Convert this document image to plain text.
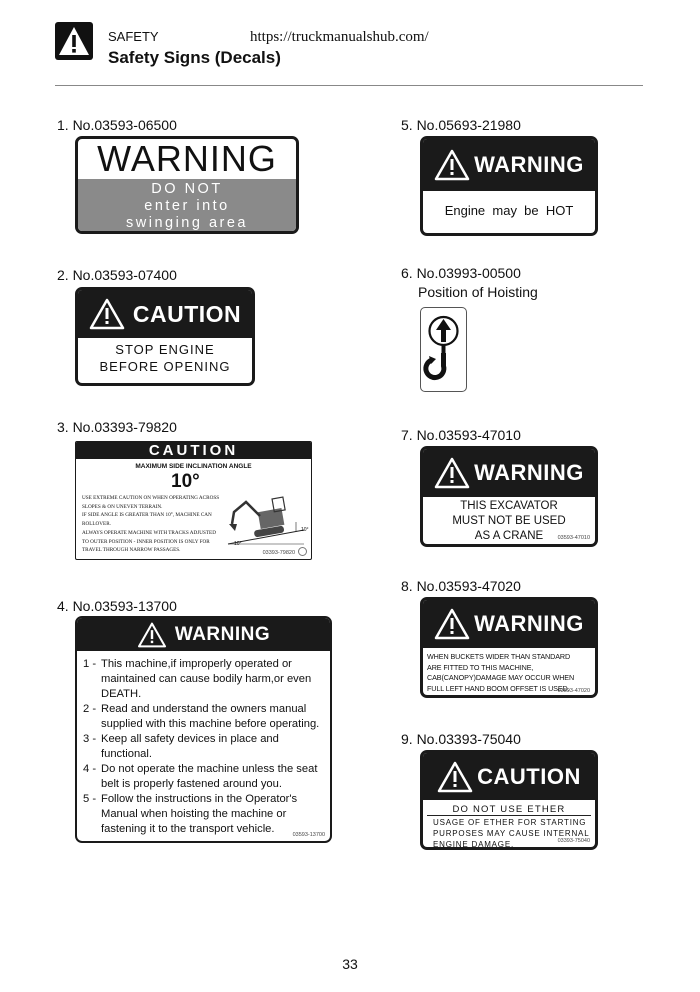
SAFETY	https://truckmanualshub.com/
Safety Signs (Decals)
1. No.03593-06500
WARNING
DO NOT
enter into
swinging area
2. No.03593-07400
CAUTION
STOP ENGINE
BEFORE OPENING
3. No.03393-79820
CAUTION
MAXIMUM SIDE INCLINATION ANGLE
10°
USE EXTREME CAUTION ON WHEN OPERATING ACROSS
SLOPES & ON UNEVEN TERRAIN.
IF SIDE ANGLE IS GREATER THAN 10°, MACHINE CAN
ROLLOVER.
ALWAYS OPERATE MACHINE WITH TRACKS ADJUSTED
TO OUTER POSITION - INNER POSITION IS ONLY FOR
TRAVEL THROUGH NARROW PASSAGES.
10°
10°
03393-79820
4. No.03593-13700
WARNING
1 - This machine,if improperly operated or maintained can cause bodily harm,or even DEATH.
2 - Read and understand the owners manual supplied with this machine before operating.
3 - Keep all safety devices in place and functional.
4 - Do not operate the machine unless the seat belt is properly fastened around you.
5 - Follow the instructions in the Operator's Manual when hoisting the machine or fastening it to the transport vehicle.	03593-13700
5. No.05693-21980
WARNING
Engine  may  be  HOT
6. No.03993-00500
Position of Hoisting
7. No.03593-47010
WARNING
THIS EXCAVATOR
MUST NOT BE USED
AS A CRANE	03593-47010
8. No.03593-47020
WARNING
WHEN BUCKETS WIDER THAN STANDARD
ARE FITTED TO THIS MACHINE,
CAB(CANOPY)DAMAGE MAY OCCUR WHEN
FULL LEFT HAND BOOM OFFSET IS USED.
03593-47020
9. No.03393-75040
CAUTION
DO NOT USE ETHER
USAGE OF ETHER FOR STARTING
PURPOSES MAY CAUSE INTERNAL
ENGINE DAMAGE.	03393-75040
33
